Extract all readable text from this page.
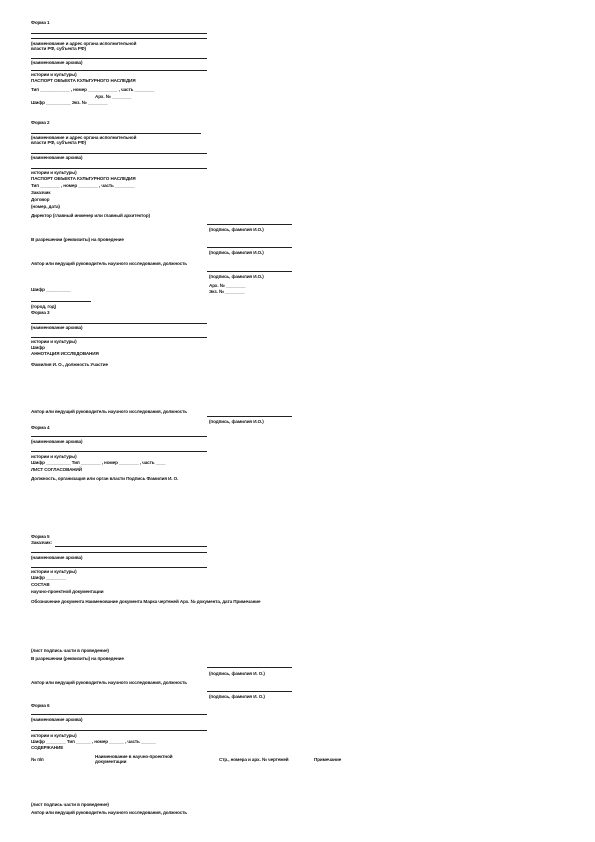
Форма 1
(наименование и адрес органа исполнительной
власти РФ, субъекта РФ)
(наименование архива)
истории и культуры)
ПАСПОРТ ОБЪЕКТА КУЛЬТУРНОГО НАСЛЕДИЯ
Тип ____________ , номер ____________ , часть ________
Арх. № ________
Шифр __________ Экз. № ________
Форма 2
(наименование и адрес органа исполнительной
власти РФ, субъекта РФ)
(наименование архива)
истории и культуры)
ПАСПОРТ ОБЪЕКТА КУЛЬТУРНОГО НАСЛЕДИЯ
Тип ________ , номер ________ , часть ________
Заказчик
Договор
(номер, дата)
Директор (главный инженер или главный архитектор)
(подпись, фамилия И.О.)
В разрешении (реквизиты) на проведение
(подпись, фамилия И.О.)
Автор или ведущий руководитель научного исследования, должность
(подпись, фамилия И.О.)
Шифр __________
Арх. № ________
Экз. № ________
(город, год)
Форма 3
(наименование архива)
истории и культуры)
Шифр
АННОТАЦИЯ ИССЛЕДОВАНИЯ
Фамилия И. О., должность Участие
Автор или ведущий руководитель научного исследования, должность
(подпись, фамилия И.О.)
Форма 4
(наименование архива)
истории и культуры)
Шифр __________ Тип ________ , номер ________ , часть ____
ЛИСТ СОГЛАСОВАНИЙ
Должность, организация или орган власти Подпись Фамилия И. О.
Форма 5
Заказчик:
(наименование архива)
истории и культуры)
Шифр ________
СОСТАВ
научно-проектной документации
Обозначение документа Наименование документа Марка чертежей Арх. № документа, дата Примечание
(лист подпись части в проведение)
В разрешении (реквизиты) на проведение
(подпись, фамилия И. О.)
Автор или ведущий руководитель научного исследования, должность
(подпись, фамилия И. О.)
Форма 6
(наименование архива)
истории и культуры)
Шифр ________ Тип ______ , номер ______ , часть ______
СОДЕРЖАНИЕ
№ п/п
Наименование в научно-проектной
документации	Стр., номера и арх. № чертежей	Примечание
(лист подпись части в проведение)
Автор или ведущий руководитель научного исследования, должность
